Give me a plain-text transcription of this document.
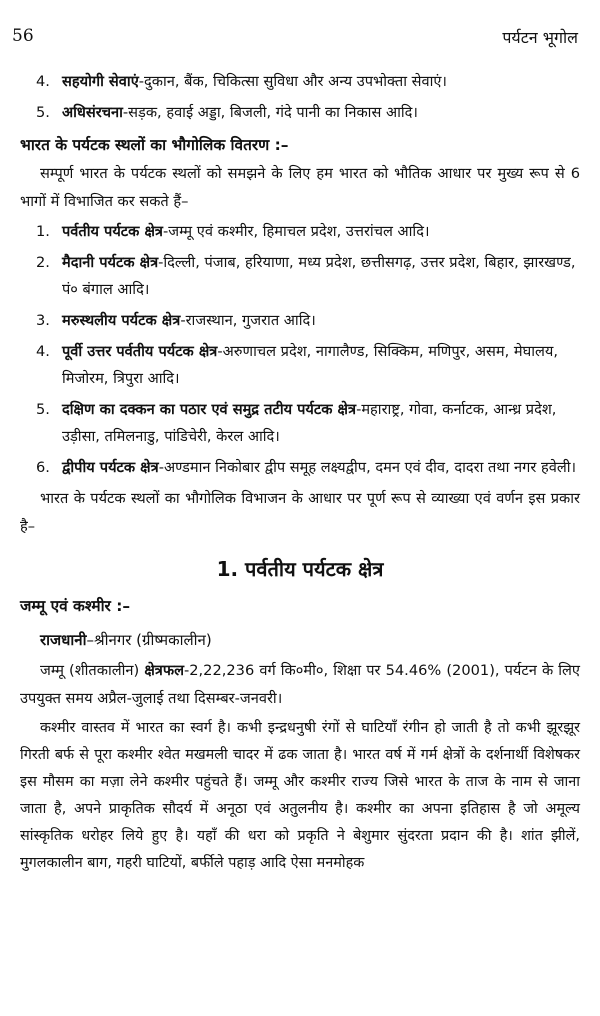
56	पर्यटन भूगोल
4. सहयोगी सेवाएं-दुकान, बैंक, चिकित्सा सुविधा और अन्य उपभोक्ता सेवाएं।
5. अधिसंरचना-सड़क, हवाई अड्डा, बिजली, गंदे पानी का निकास आदि।
भारत के पर्यटक स्थलों का भौगोलिक वितरण :–

सम्पूर्ण भारत के पर्यटक स्थलों को समझने के लिए हम भारत को भौतिक आधार पर मुख्य रूप से 6 भागों में विभाजित कर सकते हैं–

1. पर्वतीय पर्यटक क्षेत्र-जम्मू एवं कश्मीर, हिमाचल प्रदेश, उत्तरांचल आदि।
2. मैदानी पर्यटक क्षेत्र-दिल्ली, पंजाब, हरियाणा, मध्य प्रदेश, छत्तीसगढ़, उत्तर प्रदेश, बिहार, झारखण्ड, पं० बंगाल आदि।
3. मरुस्थलीय पर्यटक क्षेत्र-राजस्थान, गुजरात आदि।
4. पूर्वी उत्तर पर्वतीय पर्यटक क्षेत्र-अरुणाचल प्रदेश, नागालैण्ड, सिक्किम, मणिपुर, असम, मेघालय, मिजोरम, त्रिपुरा आदि।
5. दक्षिण का दक्कन का पठार एवं समुद्र तटीय पर्यटक क्षेत्र-महाराष्ट्र, गोवा, कर्नाटक, आन्ध्र प्रदेश, उड़ीसा, तमिलनाडु, पांडिचेरी, केरल आदि।
6. द्वीपीय पर्यटक क्षेत्र-अण्डमान निकोबार द्वीप समूह लक्ष्यद्वीप, दमन एवं दीव, दादरा तथा नगर हवेली।

भारत के पर्यटक स्थलों का भौगोलिक विभाजन के आधार पर पूर्ण रूप से व्याख्या एवं वर्णन इस प्रकार है–

1. पर्वतीय पर्यटक क्षेत्र
जम्मू एवं कश्मीर :–
राजधानी–श्रीनगर (ग्रीष्मकालीन)

जम्मू (शीतकालीन) क्षेत्रफल-2,22,236 वर्ग कि०मी०, शिक्षा पर 54.46% (2001), पर्यटन के लिए उपयुक्त समय अप्रैल-जुलाई तथा दिसम्बर-जनवरी।

कश्मीर वास्तव में भारत का स्वर्ग है। कभी इन्द्रधनुषी रंगों से घाटियाँ रंगीन हो जाती है तो कभी झूरझूर गिरती बर्फ से पूरा कश्मीर श्वेत मखमली चादर में ढक जाता है। भारत वर्ष में गर्म क्षेत्रों के दर्शनार्थी विशेषकर इस मौसम का मज़ा लेने कश्मीर पहुंचते हैं। जम्मू और कश्मीर राज्य जिसे भारत के ताज के नाम से जाना जाता है, अपने प्राकृतिक सौदर्य में अनूठा एवं अतुलनीय है। कश्मीर का अपना इतिहास है जो अमूल्य सांस्कृतिक धरोहर लिये हुए है। यहाँ की धरा को प्रकृति ने बेशुमार सुंदरता प्रदान की है। शांत झीलें, मुगलकालीन बाग, गहरी घाटियों, बर्फीले पहाड़ आदि ऐसा मनमोहक
